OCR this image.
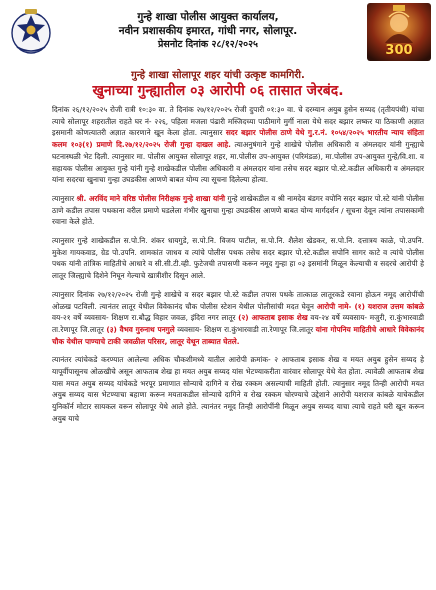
गुन्हे शाखा पोलीस आयुक्त कार्यालय,
नवीन प्रशासकीय इमारत, गांधी नगर, सोलापूर.
प्रेसनोट दिनांक २८/१२/२०२५	300
गुन्हे शाखा सोलापूर शहर यांची उत्कृष्ट कामगिरी.
खुनाच्या गुन्ह्यातील ०३ आरोपी ०६ तासात जेरबंद.

दिनांक २६/१२/२०२५ रोजी रात्री १०:३० वा. ते दिनांक २७/१२/२०२५ रोजी दुपारी ०१:३० वा. चे दरम्यान अयुब हुसेन सय्यद (तृतीयपंथी) यांचा त्याचे सोलापूर शहरातील राहते घर नं- २२६, पहिला मजला पंढारी मस्जिदच्या पाठीमागे मुर्गी नाला येथे सदर बझार लष्कर या ठिकाणी अज्ञात इसमानी कोणत्यातरी अज्ञात कारणाने खून केला होता. त्यानुसार सदर बझार पोलीस ठाणे येथे गु.र.नं. १०५४/२०२५ भारतीय न्याय संहिता कलम १०३(१) प्रमाणे दि.२७/१२/२०२५ रोजी गुन्हा दाखल आहे. त्याअनुषंगाने गुन्हे शाखेचे पोलीस अधिकारी व अंमलदार यांनी गुन्ह्याचे घटनास्थळी भेट दिली. त्यानुसार मा. पोलीस आयुक्त सोलापूर शहर, मा.पोलीस उप-आयुक्त (परिमंडळ), मा.पोलीस उप-आयुक्त गुन्हे/वि.शा. व सहायक पोलीस आयुक्त गुन्हे यांनी गुन्हे शाखेकडील पोलीस अधिकारी व अंमलदार यांना तसेच सदर बझार पो.स्टे.कडील अधिकारी व अंमलदार यांना सदरचा खुनाचा गुन्हा उघडकीस आणणे बाबत योग्य त्या सूचना दिलेल्या होत्या.

त्यानुसार श्री. अरविंद माने वरिष्ठ पोलीस निरीक्षक गुन्हे शाखा यांनी गुन्हे शाखेकडील व श्री नामदेव बंडगर वपोनि सदर बझार पो.स्टे यांनी पोलीस ठाणे कडील तपास पथकाना वरील प्रमाणे घडलेला गंभीर खुनाचा गुन्हा उघडकीस आणणे बाबत योग्य मार्गदर्शन / सूचना देवून त्यांना तपासकामी रवाना केले होते.

त्यानुसार गुन्हे शाखेकडील स.पो.नि. शंकर धायगुडे, स.पो.नि. विजय पाटील, स.पो.नि. शैलेश खेडकर, स.पो.नि. दत्तात्रय काळे, पो.उपनि. मुकेश गायकवाड, ग्रेड पो.उपनि. शामकांत जाधव व त्यांचे पोलीस पथक तसेच सदर बझार पो.स्टे.कडील सपोनि सागर काटे व त्यांचे पोलीस पथक यांनी तांत्रिक माहितीचे आधारे व सी.सी.टी.व्ही. फुटेजची तपासणी करून नमूद गुन्हा हा ०३ इसमांनी मिळून केल्याची व सदरचे आरोपी हे लातूर जिल्ह्याचे दिशेने निघून गेल्याचे खात्रीशीर दिसून आले.

त्यानुसार दिनांक २७/१२/२०२५ रोजी गुन्हे शाखेचे व सदर बझार पो.स्टे कडील तपास पथके तात्काळ लातूरकडे रवाना होऊन नमूद आरोपींची ओळख पटविली. त्यानंतर लातूर येथील विवेकानंद चौक पोलीस स्टेशन येथील पोलीसांची मदत घेवून आरोपी नामे- (१) यशराज उत्तम कांबळे वय-२१ वर्षे व्यवसाय- शिक्षण रा.बौद्ध विहार जवळ, इंदिरा नगर लातूर (२) आफताब इसाक शेख वय-२४ वर्षे व्यवसाय- मजुरी, रा.कुंभारवाडी ता.रेणापूर जि.लातूर (३) वैभव गुरुनाथ पनगुले व्यवसाय- शिक्षण रा.कुंभारवाडी ता.रेणापूर जि.लातूर यांना गोपनिय माहितीचे आधारे विवेकानंद चौक येथील पाण्याचे टाकी जवळील परिसर, लातूर येथून ताब्यात घेतले.

त्यानंतर त्यांचेकडे करण्यात आलेल्या अधिक चौकशीमध्ये यातील आरोपी क्रमांक- २ आफताब इसाक शेख व मयत अयुब हुसेन सय्यद हे यापूर्वीपासूनच ओळखीचे असून आफताब शेख हा मयत अयुब सय्यद यांस भेटण्याकरीता वारंवार सोलापूर येथे येत होता. त्यावेळी आफताब शेख यास मयत अयुब सय्यद यांचेकडे भरपूर प्रमाणात सोन्याचे दागिने व रोख रक्कम असल्याची माहिती होती. त्यानुसार नमूद तिन्ही आरोपी मयत अयुब सय्यद यास भेटण्याचा बहाणा करून मयताकडील सोन्याचे दागिने व रोख रक्कम चोरण्याचे उद्देशाने आरोपी यशराज कांबळे याचेकडील युनिकॉर्न मोटार सायकल वरून सोलापूर येथे आले होते. त्यानंतर नमूद तिन्ही आरोपींनी मिळून अयुब सय्यद याचा त्याचे राहते घरी खून करून अयुब याचे
